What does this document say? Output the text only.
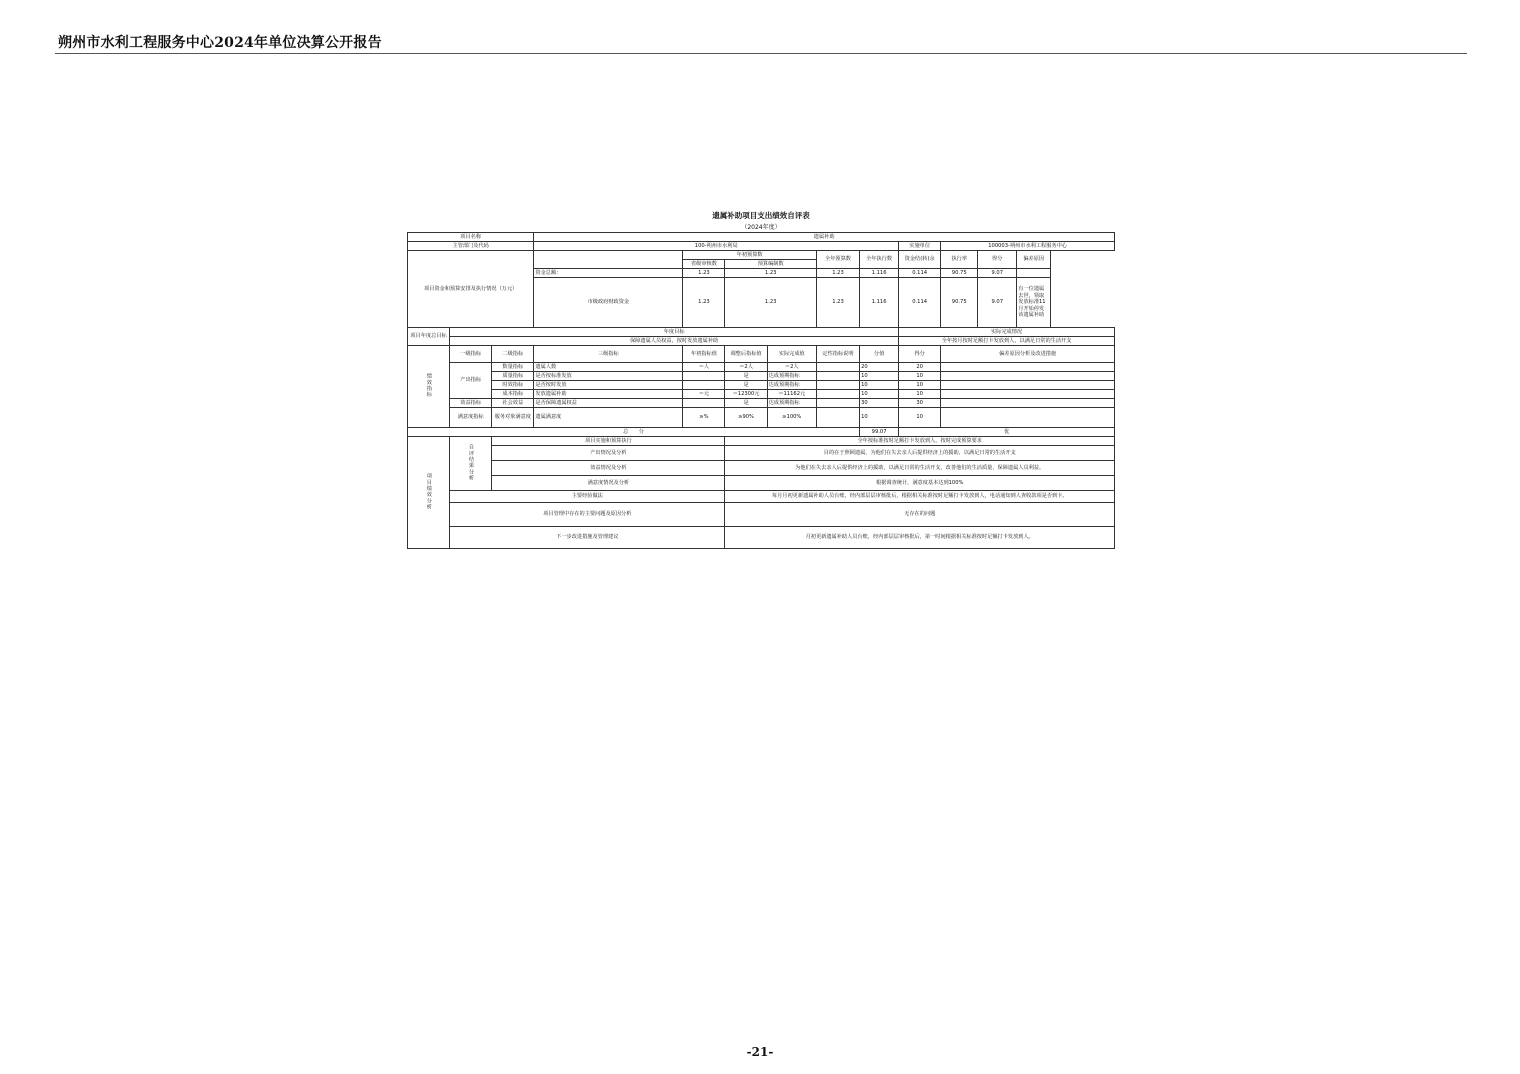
朔州市水利工程服务中心2024年单位决算公开报告
遗属补助项目支出绩效自评表
（2024年度）
项目名称			遗属补助									
主管部门及代码			100-朔州市水利局						实施单位	100003-朔州市水利工程服务中心		
项目资金和预算安排及执行情况（万元）				年初预算数			全年预算数	全年执行数	资金结(转)余	执行率	得分	偏差原因
				省级审核数	预算编制数							

			资金总额：	1.23	1.23		1.23	1.116	0.114	90.75	9.07	
			市级政府财政资金	1.23	1.23		1.23	1.116	0.114	90.75	9.07	有一位遗属去世，领取发放标准11月开始停发该遗属补助
项目年度总目标	年度目标								实际完成情况			
	保障遗属人员权益，按时发放遗属补助								全年按月按时足额打卡发放到人，以满足日常的生活开支			
绩效指标	一级指标	二级指标	三级指标	年初指标值	调整后指标值	实际完成值	定性指标说明	分值	得分	偏差原因分析及改进措施		
	产出指标	数量指标	遗属人数	＝人	＝2人	＝2人		20	20			
		质量指标	是否按标准发放		是	达成预期指标		10	10			
		时效指标	是否按时发放		是	达成预期指标		10	10			
		成本指标	发放遗属补助	＝元	＝12300元	＝11162元		10	10			
	效益指标	社会效益	是否保障遗属权益		是	达成预期指标		30	30			
	满意度指标	服务对象满意度	遗属满意度	≥%	≥90%	≥100%		10	10			

总　　分								99.07	优			
项目绩效分析	自评结果分析	项目实施和预算执行			全年按标准按时足额打卡发放到人，按时完成预算要求							
		产出情况及分析			目的在于照顾遗属，为他们在失去亲人后提供经济上的援助，以满足日常的生活开支							
		效益情况及分析			为他们在失去亲人后提供经济上的援助，以满足日常的生活开支，改善他们的生活质量，保障遗属人员利益。							
		满意度情况及分析			根据调查统计，满意度基本达到100%							
	主要经验做法				每月月初更新遗属补助人员台账，经内部层层审核批后，根据相关标准按时足额打卡发放到人，电话通知到人查收款项是否到卡。							
	项目管理中存在的主要问题及原因分析				无存在的问题							
	下一步改进措施及管理建议				月初更新遗属补助人员台账，经内部层层审核批后，第一时间根据相关标准按时足额打卡发放到人。							
-21-
